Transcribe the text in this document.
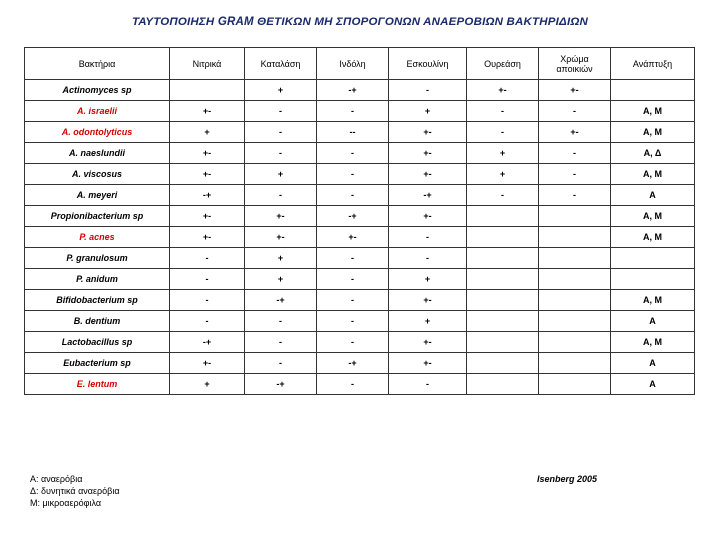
ΤΑΥΤΟΠΟΙΗΣΗ GRAM ΘΕΤΙΚΩΝ ΜΗ ΣΠΟΡΟΓΟΝΩΝ ΑΝΑΕΡΟΒΙΩΝ ΒΑΚΤΗΡΙΔΙΩΝ
Βακτήρια	Νιτρικά	Καταλάση	Ινδόλη	Εσκουλίνη	Ουρεάση	Χρώμα αποικιών	Ανάπτυξη
Actinomyces sp		+	-+	-	+-	+-	
A. israelii	+-	-	-	+	-	-	Α, Μ
A. odontolyticus	+	-	--	+-	-	+-	Α, Μ
A. naeslundii	+-	-	-	+-	+	-	Α, Δ
A. viscosus	+-	+	-	+-	+	-	Α, Μ
A. meyeri	-+	-	-	-+	-	-	Α
Propionibacterium sp	+-	+-	-+	+-			Α, Μ
P. acnes	+-	+-	+-	-			Α, Μ
P. granulosum	-	+	-	-			
P. anidum	-	+	-	+			
Bifidobacterium sp	-	-+	-	+-			Α, Μ
B. dentium	-	-	-	+			Α
Lactobacillus sp	-+	-	-	+-			Α, Μ
Eubacterium sp	+-	-	-+	+-			Α
E. lentum	+	-+	-	-			Α
Α: αναερόβια
Δ: δυνητικά αναερόβια
Μ: μικροαερόφιλα
Isenberg 2005
